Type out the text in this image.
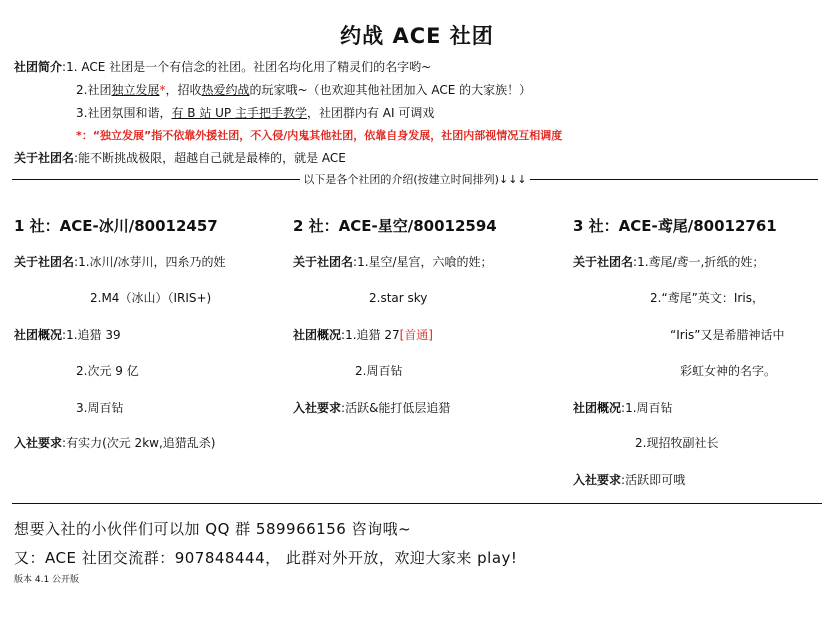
约战 ACE 社团
社团简介:1. ACE 社团是一个有信念的社团。社团名均化用了精灵们的名字哟~
2.社团独立发展*，招收热爱约战的玩家哦~（也欢迎其他社团加入 ACE 的大家族！）
3.社团氛围和谐，有 B 站 UP 主手把手教学，社团群内有 AI 可调戏
*：“独立发展”指不依靠外援社团，不入侵/内鬼其他社团，依靠自身发展，社团内部视情况互相调度
关于社团名:能不断挑战极限，超越自己就是最棒的，就是 ACE
以下是各个社团的介绍(按建立时间排列)↓↓↓
1 社：ACE-冰川/80012457
关于社团名:1.冰川/冰芽川，四糸乃的姓
2.M4（冰山）（IRIS+)
社团概况:1.追猎 39
2.次元 9 亿
3.周百钻
入社要求:有实力(次元 2kw,追猎乱杀)
2 社：ACE-星空/80012594
关于社团名:1.星空/星宫，六喰的姓；
2.star sky
社团概况:1.追猎 27[首通]
2.周百钻
入社要求:活跃&能打低层追猎
3 社：ACE-鸢尾/80012761
关于社团名:1.鸢尾/鸢一,折纸的姓；
2.“鸢尾”英文：Iris，
“Iris”又是希腊神话中
彩虹女神的名字。
社团概况:1.周百钻
2.现招牧副社长
入社要求:活跃即可哦
想要入社的小伙伴们可以加 QQ 群 589966156 咨询哦~
又：ACE 社团交流群：907848444， 此群对外开放，欢迎大家来 play!
版本 4.1 公开版
